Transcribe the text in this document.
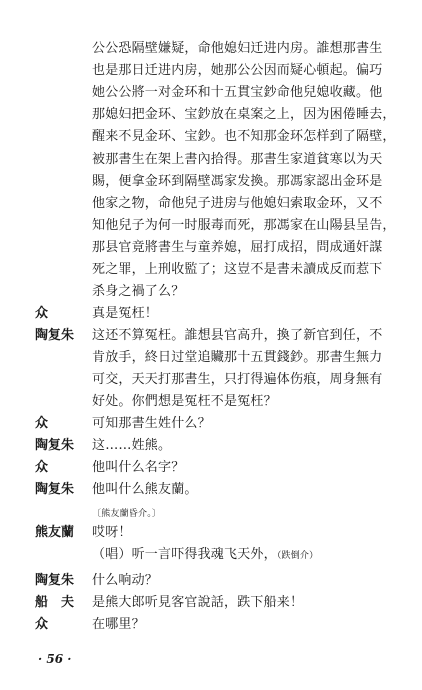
公公恐隔壁嫌疑，命他媳妇迁进内房。誰想那書生
也是那日迁进内房，她那公公因而疑心頓起。偏巧
她公公將一对金环和十五貫宝鈔命他兒媳收藏。他
那媳妇把金环、宝鈔放在桌案之上，因为困倦睡去，
醒来不見金环、宝鈔。也不知那金环怎样到了隔壁，
被那書生在架上書內拾得。那書生家道貧寒以为天
賜，便拿金环到隔壁馮家发換。那馮家認出金环是
他家之物，命他兒子进房与他媳妇索取金环，又不
知他兒子为何一时服毒而死，那馮家在山陽县呈告，
那县官竟將書生与童养媳，屈打成招，問成通奸謀
死之罪，上刑收監了；这豈不是書未讀成反而惹下
杀身之禍了么？
众	真是冤枉！
陶复朱 这还不算冤枉。誰想县官高升，換了新官到任，不
肯放手，終日过堂追贜那十五貫錢鈔。那書生無力
可交，天天打那書生，只打得遍体伤痕，周身無有
好处。你們想是冤枉不是冤枉？
众	可知那書生姓什么？
陶复朱 这……姓熊。
众	他叫什么名字？
陶复朱 他叫什么熊友蘭。
〔熊友蘭昏介。〕
熊友蘭 哎呀！
（唱）听一言吓得我魂飞天外，（跌倒介）
陶复朱 什么响动？
船　夫 是熊大郎听見客官說話，跌下船来！
众	在哪里？
· 56 ·
